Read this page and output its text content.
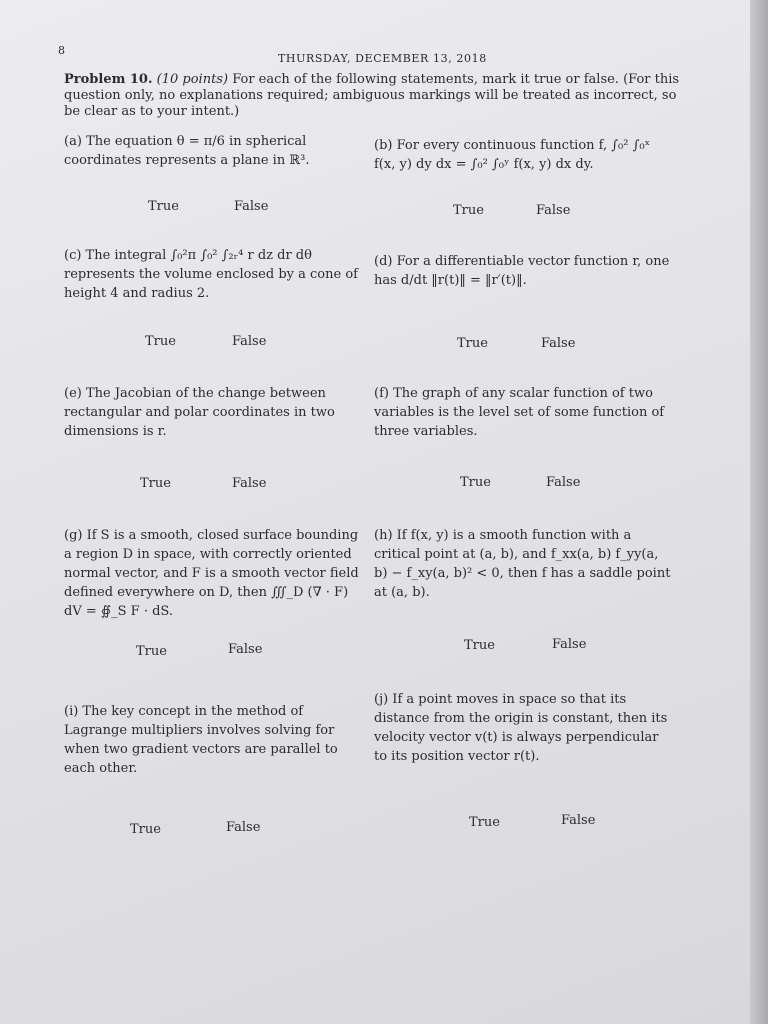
8
THURSDAY, DECEMBER 13, 2018
Problem 10. (10 points) For each of the following statements, mark it true or false. (For this question only, no explanations required; ambiguous markings will be treated as incorrect, so be clear as to your intent.)
(a) The equation θ = π/6 in spherical coordinates represents a plane in ℝ³.
(b) For every continuous function f, ∫₀² ∫₀ˣ f(x, y) dy dx = ∫₀² ∫₀ʸ f(x, y) dx dy.
True	False	True	False
(c) The integral ∫₀²π ∫₀² ∫₂ᵣ⁴ r dz dr dθ represents the volume enclosed by a cone of height 4 and radius 2.
(d) For a differentiable vector function r, one has d/dt ‖r(t)‖ = ‖r′(t)‖.
True	False	True	False
(e) The Jacobian of the change between rectangular and polar coordinates in two dimensions is r.
(f) The graph of any scalar function of two variables is the level set of some function of three variables.
True	False	True	False
(g) If S is a smooth, closed surface bounding a region D in space, with correctly oriented normal vector, and F is a smooth vector field defined everywhere on D, then ∭_D (∇ · F) dV = ∯_S F · dS.
(h) If f(x, y) is a smooth function with a critical point at (a, b), and f_xx(a, b) f_yy(a, b) − f_xy(a, b)² < 0, then f has a saddle point at (a, b).
True	False	True	False
(i) The key concept in the method of Lagrange multipliers involves solving for when two gradient vectors are parallel to each other.
(j) If a point moves in space so that its distance from the origin is constant, then its velocity vector v(t) is always perpendicular to its position vector r(t).
True	False	True	False
